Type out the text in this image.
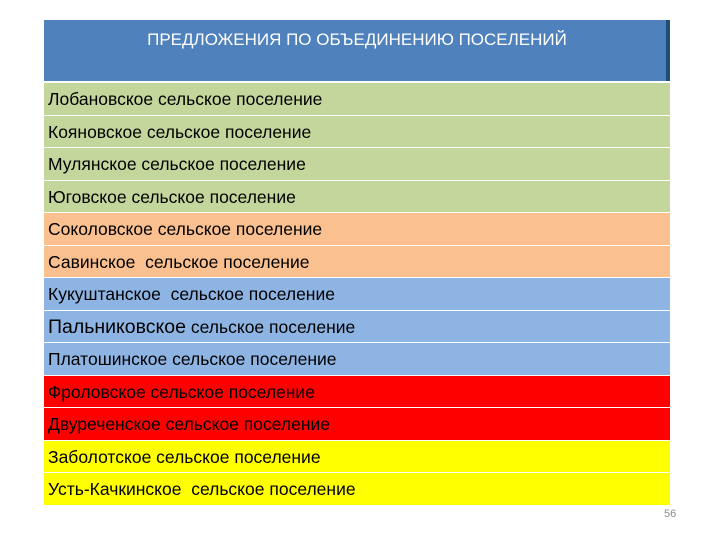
ПРЕДЛОЖЕНИЯ ПО ОБЪЕДИНЕНИЮ ПОСЕЛЕНИЙ
Лобановское сельское поселение
Кояновское сельское поселение
Мулянское сельское поселение
Юговское сельское поселение
Соколовское сельское поселение
Савинское  сельское поселение
Кукуштанское  сельское поселение
Пальниковское сельское поселение
Платошинское сельское поселение
Фроловское сельское поселение
Двуреченское сельское поселение
Заболотское сельское поселение
Усть-Качкинское  сельское поселение
56
